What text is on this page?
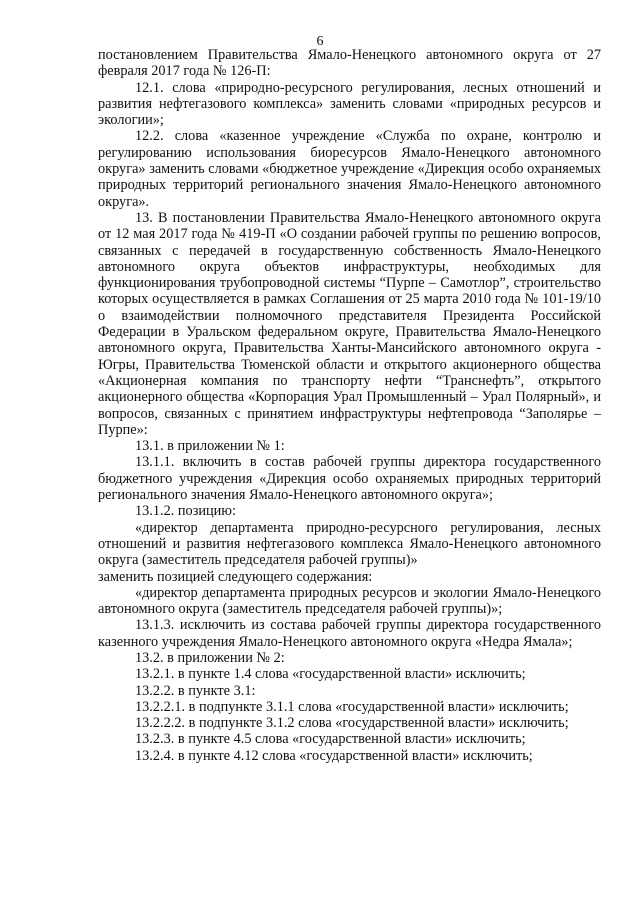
6

постановлением Правительства Ямало-Ненецкого автономного округа от 27 февраля 2017 года № 126-П:

12.1. слова «природно-ресурсного регулирования, лесных отношений и развития нефтегазового комплекса» заменить словами «природных ресурсов и экологии»;

12.2. слова «казенное учреждение «Служба по охране, контролю и регулированию использования биоресурсов Ямало-Ненецкого автономного округа» заменить словами «бюджетное учреждение «Дирекция особо охраняемых природных территорий регионального значения Ямало-Ненецкого автономного округа».

13. В постановлении Правительства Ямало-Ненецкого автономного округа от 12 мая 2017 года № 419-П «О создании рабочей группы по решению вопросов, связанных с передачей в государственную собственность Ямало-Ненецкого автономного округа объектов инфраструктуры, необходимых для функционирования трубопроводной системы “Пурпе – Самотлор”, строительство которых осуществляется в рамках Соглашения от 25 марта 2010 года № 101-19/10 о взаимодействии полномочного представителя Президента Российской Федерации в Уральском федеральном округе, Правительства Ямало-Ненецкого автономного округа, Правительства Ханты-Мансийского автономного округа - Югры, Правительства Тюменской области и открытого акционерного общества «Акционерная компания по транспорту нефти “Транснефть”, открытого акционерного общества «Корпорация Урал Промышленный – Урал Полярный», и вопросов, связанных с принятием инфраструктуры нефтепровода “Заполярье – Пурпе»:

13.1. в приложении № 1:

13.1.1. включить в состав рабочей группы директора государственного бюджетного учреждения «Дирекция особо охраняемых природных территорий регионального значения Ямало-Ненецкого автономного округа»;

13.1.2. позицию:

«директор департамента природно-ресурсного регулирования, лесных отношений и развития нефтегазового комплекса Ямало-Ненецкого автономного округа (заместитель председателя рабочей группы)»

заменить позицией следующего содержания:

«директор департамента природных ресурсов и экологии Ямало-Ненецкого автономного округа (заместитель председателя рабочей группы)»;

13.1.3. исключить из состава рабочей группы директора государственного казенного учреждения Ямало-Ненецкого автономного округа «Недра Ямала»;

13.2. в приложении № 2:

13.2.1. в пункте 1.4 слова «государственной власти» исключить;

13.2.2. в пункте 3.1:

13.2.2.1. в подпункте 3.1.1 слова «государственной власти» исключить;

13.2.2.2. в подпункте 3.1.2 слова «государственной власти» исключить;

13.2.3. в пункте 4.5 слова «государственной власти» исключить;

13.2.4. в пункте 4.12 слова «государственной власти» исключить;
